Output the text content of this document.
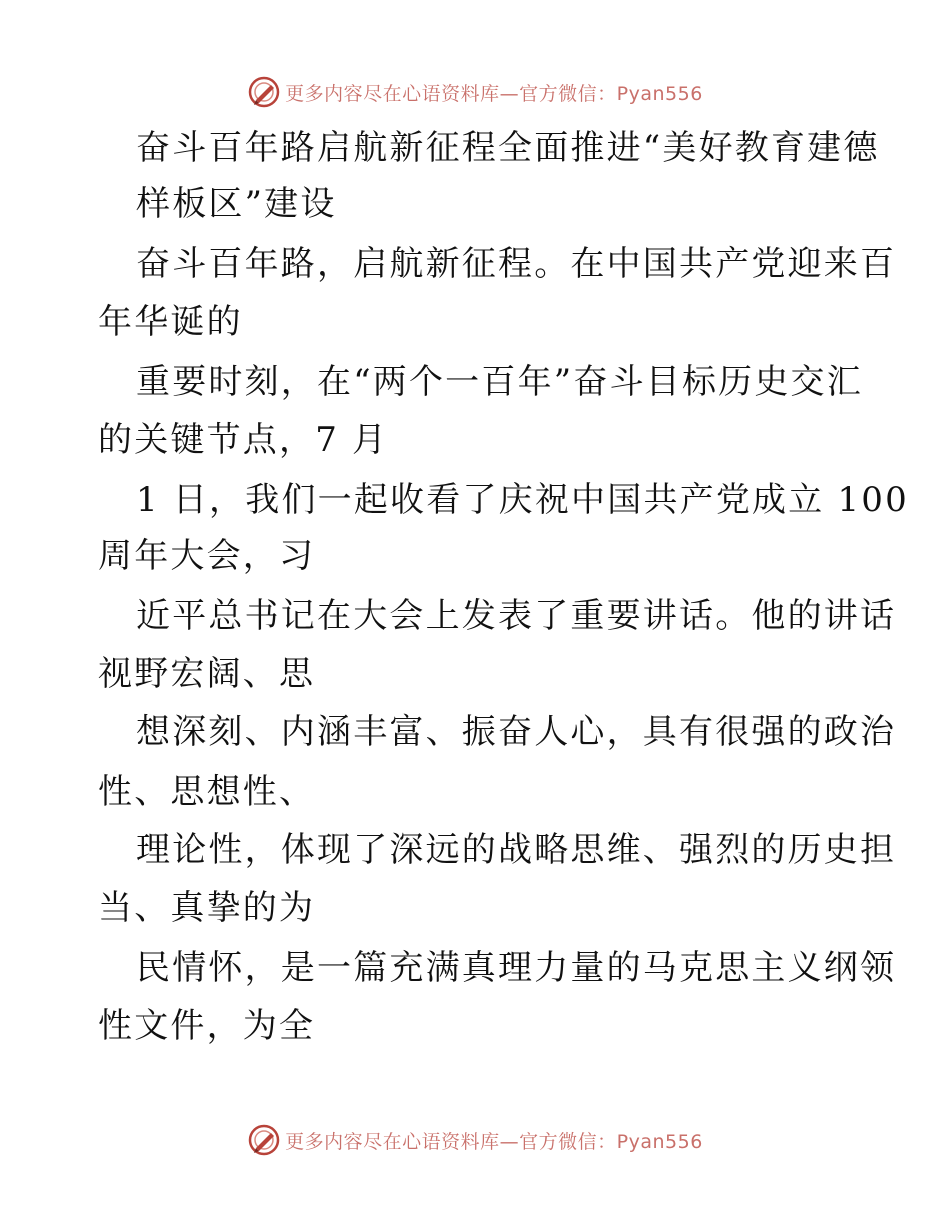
更多内容尽在心语资料库—官方微信：Pyan556
奋斗百年路启航新征程全面推进“美好教育建德
样板区”建设
奋斗百年路，启航新征程。在中国共产党迎来百
年华诞的
重要时刻，在“两个一百年”奋斗目标历史交汇
的关键节点，7 月
1 日，我们一起收看了庆祝中国共产党成立 100
周年大会，习
近平总书记在大会上发表了重要讲话。他的讲话
视野宏阔、思
想深刻、内涵丰富、振奋人心，具有很强的政治
性、思想性、
理论性，体现了深远的战略思维、强烈的历史担
当、真挚的为
民情怀，是一篇充满真理力量的马克思主义纲领
性文件，为全
更多内容尽在心语资料库—官方微信：Pyan556
